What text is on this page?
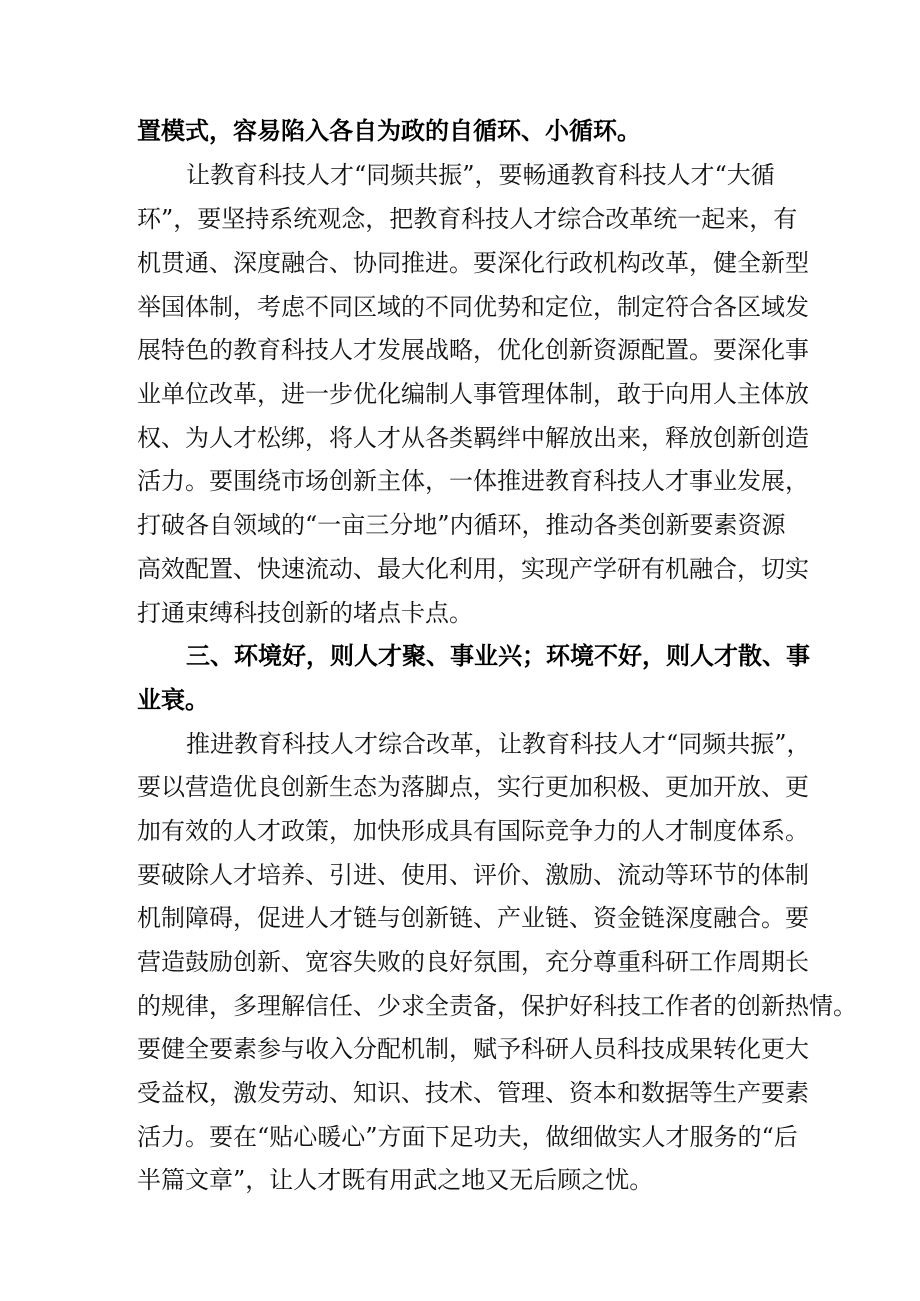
置模式，容易陷入各自为政的自循环、小循环。
让教育科技人才“同频共振”，要畅通教育科技人才“大循
环”，要坚持系统观念，把教育科技人才综合改革统一起来，有
机贯通、深度融合、协同推进。要深化行政机构改革，健全新型
举国体制，考虑不同区域的不同优势和定位，制定符合各区域发
展特色的教育科技人才发展战略，优化创新资源配置。要深化事
业单位改革，进一步优化编制人事管理体制，敢于向用人主体放
权、为人才松绑，将人才从各类羁绊中解放出来，释放创新创造
活力。要围绕市场创新主体，一体推进教育科技人才事业发展，
打破各自领域的“一亩三分地”内循环，推动各类创新要素资源
高效配置、快速流动、最大化利用，实现产学研有机融合，切实
打通束缚科技创新的堵点卡点。
三、环境好，则人才聚、事业兴；环境不好，则人才散、事
业衰。
推进教育科技人才综合改革，让教育科技人才“同频共振”，
要以营造优良创新生态为落脚点，实行更加积极、更加开放、更
加有效的人才政策，加快形成具有国际竞争力的人才制度体系。
要破除人才培养、引进、使用、评价、激励、流动等环节的体制
机制障碍，促进人才链与创新链、产业链、资金链深度融合。要
营造鼓励创新、宽容失败的良好氛围，充分尊重科研工作周期长
的规律，多理解信任、少求全责备，保护好科技工作者的创新热情。
要健全要素参与收入分配机制，赋予科研人员科技成果转化更大
受益权，激发劳动、知识、技术、管理、资本和数据等生产要素
活力。要在“贴心暖心”方面下足功夫，做细做实人才服务的“后
半篇文章”，让人才既有用武之地又无后顾之忧。
